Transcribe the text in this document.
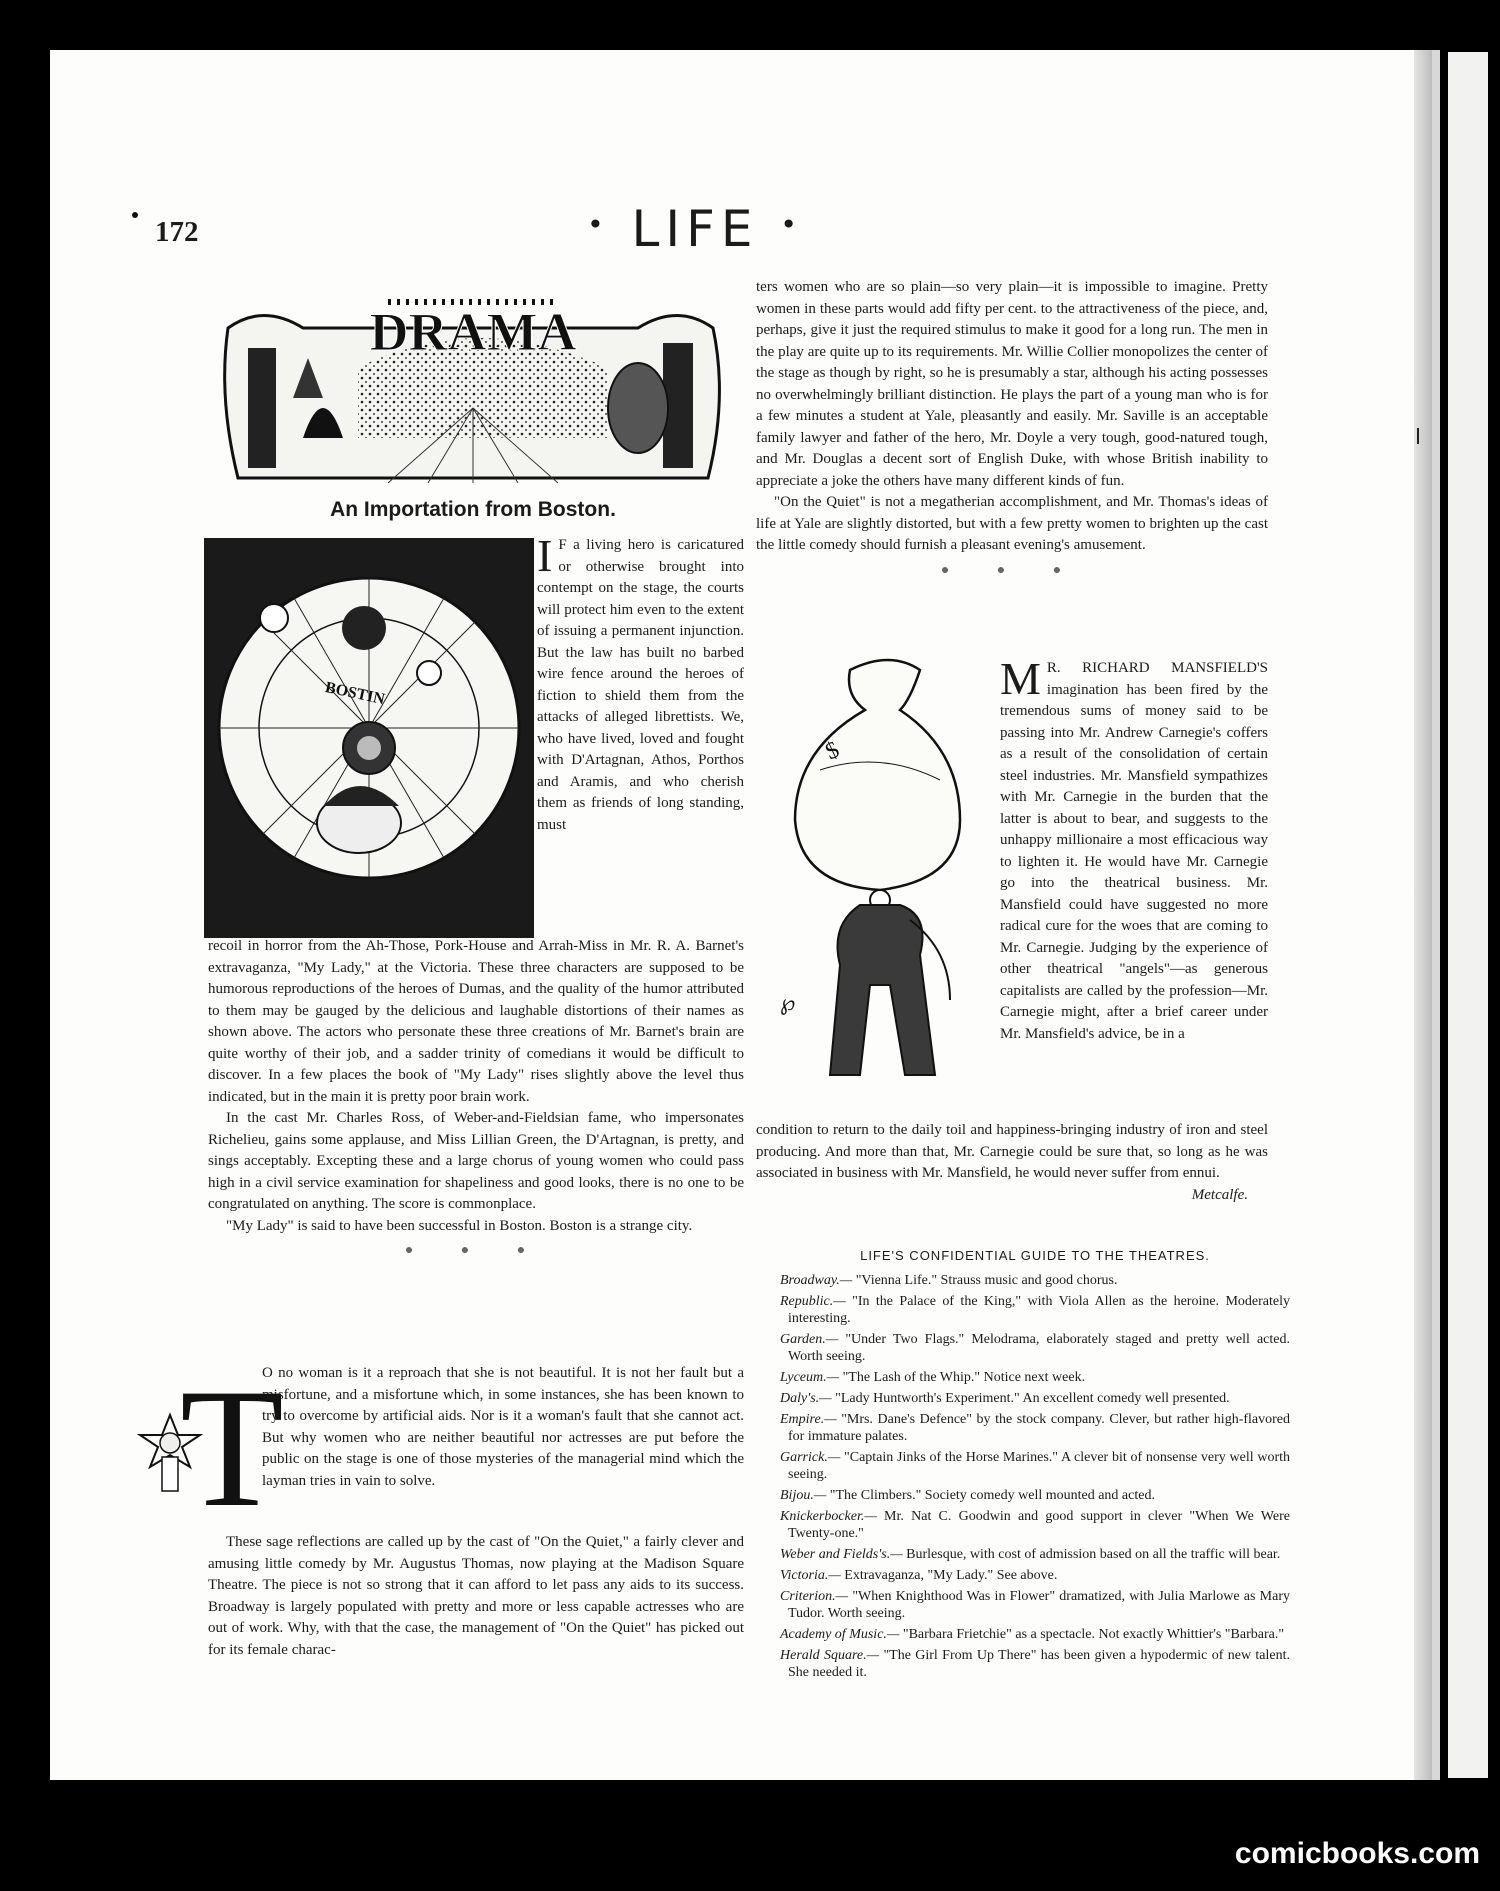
172	• LIFE •
DRAMA
An Importation from Boston.
BOSTIN

I F a living hero is caricatured or otherwise brought into contempt on the stage, the courts will protect him even to the extent of issuing a permanent injunction. But the law has built no barbed wire fence around the heroes of fiction to shield them from the attacks of alleged librettists. We, who have lived, loved and fought with D'Artagnan, Athos, Porthos and Aramis, and who cherish them as friends of long standing, must

recoil in horror from the Ah-Those, Pork-House and Arrah-Miss in Mr. R. A. Barnet's extravaganza, "My Lady," at the Victoria. These three characters are supposed to be humorous reproductions of the heroes of Dumas, and the quality of the humor attributed to them may be gauged by the delicious and laughable distortions of their names as shown above. The actors who personate these three creations of Mr. Barnet's brain are quite worthy of their job, and a sadder trinity of comedians it would be difficult to discover. In a few places the book of "My Lady" rises slightly above the level thus indicated, but in the main it is pretty poor brain work.

In the cast Mr. Charles Ross, of Weber-and-Fieldsian fame, who impersonates Richelieu, gains some applause, and Miss Lillian Green, the D'Artagnan, is pretty, and sings acceptably. Excepting these and a large chorus of young women who could pass high in a civil service examination for shapeliness and good looks, there is no one to be congratulated on anything. The score is commonplace.

"My Lady" is said to have been successful in Boston. Boston is a strange city.

● ● ●
T

O no woman is it a reproach that she is not beautiful. It is not her fault but a misfortune, and a misfortune which, in some instances, she has been known to try to overcome by artificial aids. Nor is it a woman's fault that she cannot act. But why women who are neither beautiful nor actresses are put before the public on the stage is one of those mysteries of the managerial mind which the layman tries in vain to solve.

These sage reflections are called up by the cast of "On the Quiet," a fairly clever and amusing little comedy by Mr. Augustus Thomas, now playing at the Madison Square Theatre. The piece is not so strong that it can afford to let pass any aids to its success. Broadway is largely populated with pretty and more or less capable actresses who are out of work. Why, with that the case, the management of "On the Quiet" has picked out for its female charac-

ters women who are so plain—so very plain—it is impossible to imagine. Pretty women in these parts would add fifty per cent. to the attractiveness of the piece, and, perhaps, give it just the required stimulus to make it good for a long run. The men in the play are quite up to its requirements. Mr. Willie Collier monopolizes the center of the stage as though by right, so he is presumably a star, although his acting possesses no overwhelmingly brilliant distinction. He plays the part of a young man who is for a few minutes a student at Yale, pleasantly and easily. Mr. Saville is an acceptable family lawyer and father of the hero, Mr. Doyle a very tough, good-natured tough, and Mr. Douglas a decent sort of English Duke, with whose British inability to appreciate a joke the others have many different kinds of fun.

"On the Quiet" is not a megatherian accomplishment, and Mr. Thomas's ideas of life at Yale are slightly distorted, but with a few pretty women to brighten up the cast the little comedy should furnish a pleasant evening's amusement.

● ● ●
$
℘

M R. RICHARD MANSFIELD'S imagination has been fired by the tremendous sums of money said to be passing into Mr. Andrew Carnegie's coffers as a result of the consolidation of certain steel industries. Mr. Mansfield sympathizes with Mr. Carnegie in the burden that the latter is about to bear, and suggests to the unhappy millionaire a most efficacious way to lighten it. He would have Mr. Carnegie go into the theatrical business. Mr. Mansfield could have suggested no more radical cure for the woes that are coming to Mr. Carnegie. Judging by the experience of other theatrical "angels"—as generous capitalists are called by the profession—Mr. Carnegie might, after a brief career under Mr. Mansfield's advice, be in a

condition to return to the daily toil and happiness-bringing industry of iron and steel producing. And more than that, Mr. Carnegie could be sure that, so long as he was associated in business with Mr. Mansfield, he would never suffer from ennui.
Metcalfe.

LIFE'S CONFIDENTIAL GUIDE TO THE THEATRES.

Broadway.— "Vienna Life." Strauss music and good chorus.

Republic.— "In the Palace of the King," with Viola Allen as the heroine. Moderately interesting.

Garden.— "Under Two Flags." Melodrama, elaborately staged and pretty well acted. Worth seeing.

Lyceum.— "The Lash of the Whip." Notice next week.

Daly's.— "Lady Huntworth's Experiment." An excellent comedy well presented.

Empire.— "Mrs. Dane's Defence" by the stock company. Clever, but rather high-flavored for immature palates.

Garrick.— "Captain Jinks of the Horse Marines." A clever bit of nonsense very well worth seeing.

Bijou.— "The Climbers." Society comedy well mounted and acted.

Knickerbocker.— Mr. Nat C. Goodwin and good support in clever "When We Were Twenty-one."

Weber and Fields's.— Burlesque, with cost of admission based on all the traffic will bear.

Victoria.— Extravaganza, "My Lady." See above.

Criterion.— "When Knighthood Was in Flower" dramatized, with Julia Marlowe as Mary Tudor. Worth seeing.

Academy of Music.— "Barbara Frietchie" as a spectacle. Not exactly Whittier's "Barbara."

Herald Square.— "The Girl From Up There" has been given a hypodermic of new talent. She needed it.

comicbooks.com
